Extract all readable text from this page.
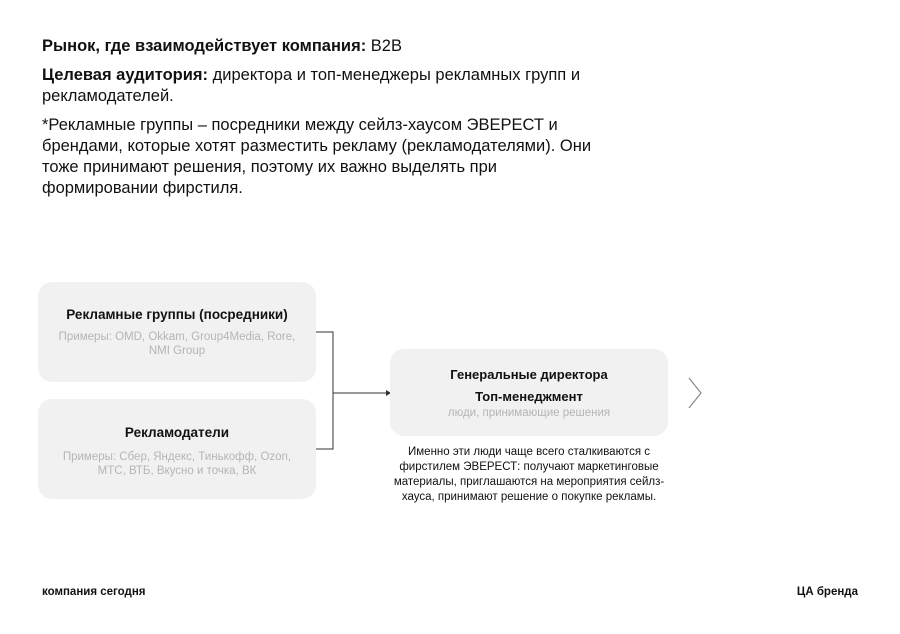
Рынок, где взаимодействует компания: B2B

Целевая аудитория: директора и топ-менеджеры рекламных групп и рекламодателей.

*Рекламные группы – посредники между сейлз-хаусом ЭВЕРЕСТ и брендами, которые хотят разместить рекламу (рекламодателями). Они тоже принимают решения, поэтому их важно выделять при формировании фирстиля.

Рекламные группы (посредники)
Примеры: OMD, Okkam, Group4Media, Rore, NMI Group
Рекламодатели
Примеры: Сбер, Яндекс, Тинькофф, Ozon, МТС, ВТБ, Вкусно и точка, ВК
Генеральные директора
Топ-менеджмент
люди, принимающие решения
Именно эти люди чаще всего сталкиваются с фирстилем ЭВЕРЕСТ: получают маркетинговые материалы, приглашаются на мероприятия сейлз-хауса, принимают решение о покупке рекламы.
компания сегодня	ЦА бренда
